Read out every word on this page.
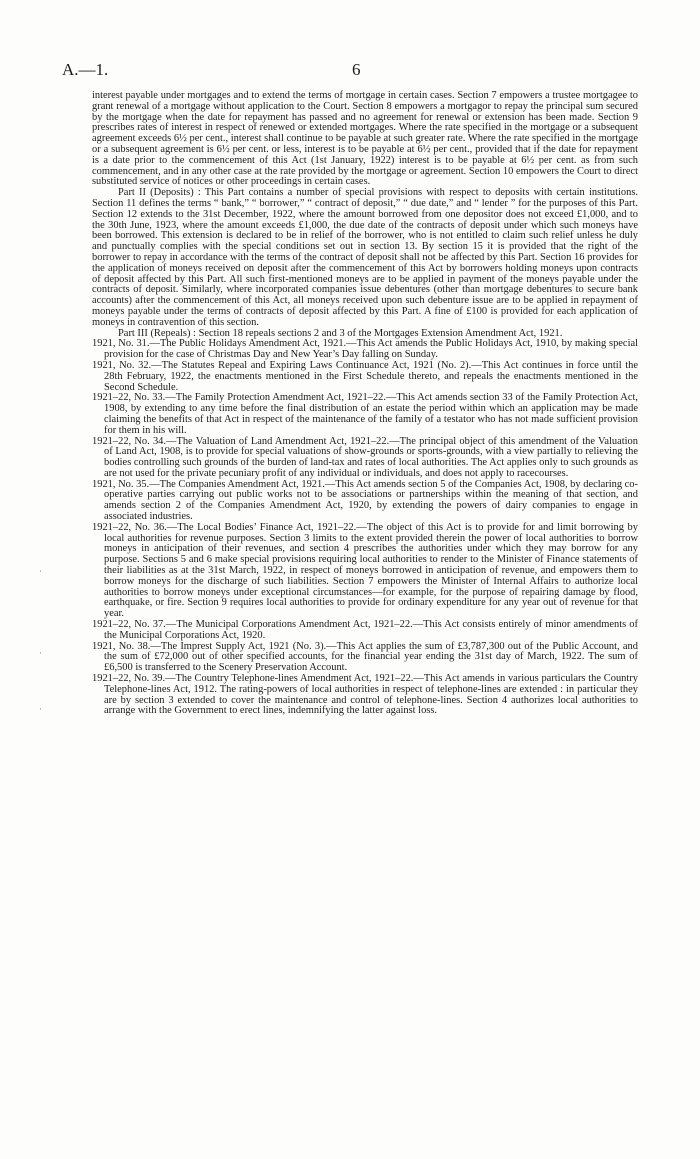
A.—1.	6

interest payable under mortgages and to extend the terms of mortgage in certain cases. Section 7 empowers a trustee mortgagee to grant renewal of a mortgage without application to the Court. Section 8 empowers a mortgagor to repay the principal sum secured by the mortgage when the date for repayment has passed and no agreement for renewal or extension has been made. Section 9 prescribes rates of interest in respect of renewed or extended mortgages. Where the rate specified in the mortgage or a subsequent agreement exceeds 6½ per cent., interest shall continue to be payable at such greater rate. Where the rate specified in the mortgage or a subsequent agreement is 6½ per cent. or less, interest is to be payable at 6½ per cent., provided that if the date for repayment is a date prior to the commencement of this Act (1st January, 1922) interest is to be payable at 6½ per cent. as from such commencement, and in any other case at the rate provided by the mortgage or agreement. Section 10 empowers the Court to direct substituted service of notices or other proceedings in certain cases.

Part II (Deposits) : This Part contains a number of special provisions with respect to deposits with certain institutions. Section 11 defines the terms “ bank,” “ borrower,” “ contract of deposit,” “ due date,” and “ lender ” for the purposes of this Part. Section 12 extends to the 31st December, 1922, where the amount borrowed from one depositor does not exceed £1,000, and to the 30th June, 1923, where the amount exceeds £1,000, the due date of the contracts of deposit under which such moneys have been borrowed. This extension is declared to be in relief of the borrower, who is not entitled to claim such relief unless he duly and punctually complies with the special conditions set out in section 13. By section 15 it is provided that the right of the borrower to repay in accordance with the terms of the contract of deposit shall not be affected by this Part. Section 16 provides for the application of moneys received on deposit after the commencement of this Act by borrowers holding moneys upon contracts of deposit affected by this Part. All such first-mentioned moneys are to be applied in payment of the moneys payable under the contracts of deposit. Similarly, where incorporated companies issue debentures (other than mortgage debentures to secure bank accounts) after the commencement of this Act, all moneys received upon such debenture issue are to be applied in repayment of moneys payable under the terms of contracts of deposit affected by this Part. A fine of £100 is provided for each application of moneys in contravention of this section.

Part III (Repeals) : Section 18 repeals sections 2 and 3 of the Mortgages Extension Amendment Act, 1921.

1921, No. 31.—The Public Holidays Amendment Act, 1921.—This Act amends the Public Holidays Act, 1910, by making special provision for the case of Christmas Day and New Year’s Day falling on Sunday.

1921, No. 32.—The Statutes Repeal and Expiring Laws Continuance Act, 1921 (No. 2).—This Act continues in force until the 28th February, 1922, the enactments mentioned in the First Schedule thereto, and repeals the enactments mentioned in the Second Schedule.

1921–22, No. 33.—The Family Protection Amendment Act, 1921–22.—This Act amends section 33 of the Family Protection Act, 1908, by extending to any time before the final distribution of an estate the period within which an application may be made claiming the benefits of that Act in respect of the maintenance of the family of a testator who has not made sufficient provision for them in his will.

1921–22, No. 34.—The Valuation of Land Amendment Act, 1921–22.—The principal object of this amendment of the Valuation of Land Act, 1908, is to provide for special valuations of show-grounds or sports-grounds, with a view partially to relieving the bodies controlling such grounds of the burden of land-tax and rates of local authorities. The Act applies only to such grounds as are not used for the private pecuniary profit of any individual or individuals, and does not apply to racecourses.

1921, No. 35.—The Companies Amendment Act, 1921.—This Act amends section 5 of the Companies Act, 1908, by declaring co-operative parties carrying out public works not to be associations or partnerships within the meaning of that section, and amends section 2 of the Companies Amendment Act, 1920, by extending the powers of dairy companies to engage in associated industries.

1921–22, No. 36.—The Local Bodies’ Finance Act, 1921–22.—The object of this Act is to provide for and limit borrowing by local authorities for revenue purposes. Section 3 limits to the extent provided therein the power of local authorities to borrow moneys in anticipation of their revenues, and section 4 prescribes the authorities under which they may borrow for any purpose. Sections 5 and 6 make special provisions requiring local authorities to render to the Minister of Finance statements of their liabilities as at the 31st March, 1922, in respect of moneys borrowed in anticipation of revenue, and empowers them to borrow moneys for the discharge of such liabilities. Section 7 empowers the Minister of Internal Affairs to authorize local authorities to borrow moneys under exceptional circumstances—for example, for the purpose of repairing damage by flood, earthquake, or fire. Section 9 requires local authorities to provide for ordinary expenditure for any year out of revenue for that year.

1921–22, No. 37.—The Municipal Corporations Amendment Act, 1921–22.—This Act consists entirely of minor amendments of the Municipal Corporations Act, 1920.

1921, No. 38.—The Imprest Supply Act, 1921 (No. 3).—This Act applies the sum of £3,787,300 out of the Public Account, and the sum of £72,000 out of other specified accounts, for the financial year ending the 31st day of March, 1922. The sum of £6,500 is transferred to the Scenery Preservation Account.

1921–22, No. 39.—The Country Telephone-lines Amendment Act, 1921–22.—This Act amends in various particulars the Country Telephone-lines Act, 1912. The rating-powers of local authorities in respect of telephone-lines are extended : in particular they are by section 3 extended to cover the maintenance and control of telephone-lines. Section 4 authorizes local authorities to arrange with the Government to erect lines, indemnifying the latter against loss.
